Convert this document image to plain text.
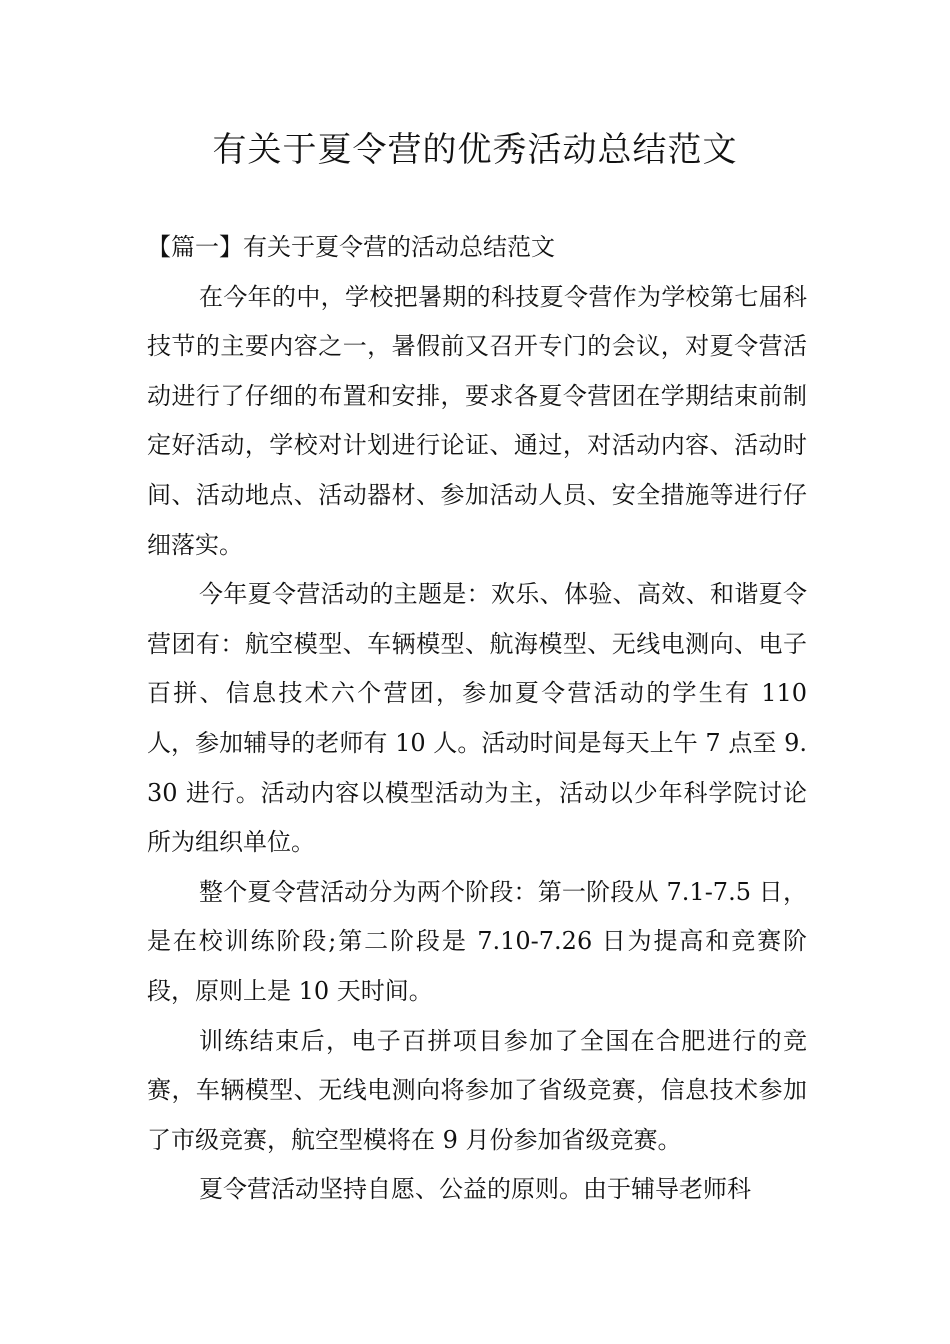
有关于夏令营的优秀活动总结范文

【篇一】有关于夏令营的活动总结范文

在今年的中，学校把暑期的科技夏令营作为学校第七届科技节的主要内容之一，暑假前又召开专门的会议，对夏令营活动进行了仔细的布置和安排，要求各夏令营团在学期结束前制定好活动，学校对计划进行论证、通过，对活动内容、活动时间、活动地点、活动器材、参加活动人员、安全措施等进行仔细落实。

今年夏令营活动的主题是：欢乐、体验、高效、和谐夏令营团有：航空模型、车辆模型、航海模型、无线电测向、电子百拼、信息技术六个营团，参加夏令营活动的学生有 110 人，参加辅导的老师有 10 人。活动时间是每天上午 7 点至 9.30 进行。活动内容以模型活动为主，活动以少年科学院讨论所为组织单位。

整个夏令营活动分为两个阶段：第一阶段从 7.1-7.5 日，是在校训练阶段;第二阶段是 7.10-7.26 日为提高和竞赛阶段，原则上是 10 天时间。

训练结束后，电子百拼项目参加了全国在合肥进行的竞赛，车辆模型、无线电测向将参加了省级竞赛，信息技术参加了市级竞赛，航空型模将在 9 月份参加省级竞赛。

夏令营活动坚持自愿、公益的原则。由于辅导老师科
